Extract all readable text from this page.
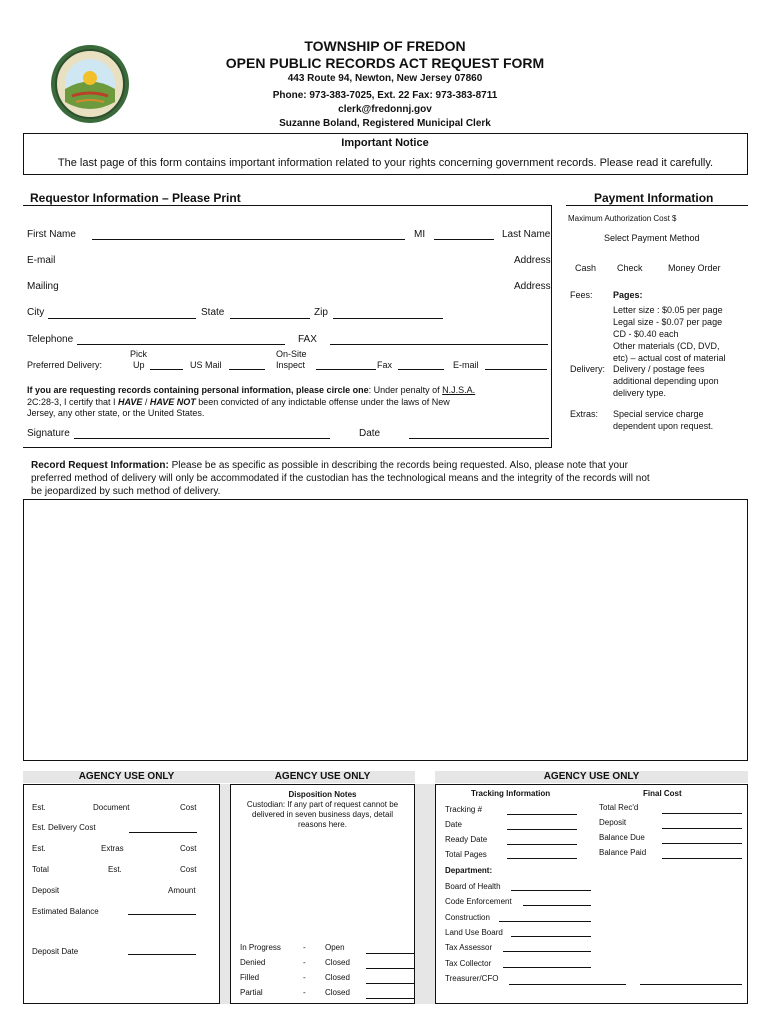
TOWNSHIP OF FREDON
OPEN PUBLIC RECORDS ACT REQUEST FORM
443 Route 94, Newton, New Jersey 07860
Phone: 973-383-7025, Ext. 22 Fax: 973-383-8711
clerk@fredonnj.gov
Suzanne Boland, Registered Municipal Clerk
Important Notice
The last page of this form contains important information related to your rights concerning government records. Please read it carefully.
Requestor Information – Please Print
First Name	MI	Last Name
E-mail	Address
Mailing	Address
City	State	Zip
Telephone	FAX
Pick	On-Site
Preferred Delivery:	Up	US Mail	Inspect	Fax	E-mail
If you are requesting records containing personal information, please circle one: Under penalty of N.J.S.A.
2C:28-3, I certify that I HAVE / HAVE NOT been convicted of any indictable offense under the laws of New
Jersey, any other state, or the United States.
Signature	Date
Payment Information
Maximum Authorization Cost $
Select Payment Method
Cash Check	Money Order
Fees: Pages:
Letter size : $0.05 per page
Legal size - $0.07 per page
CD - $0.40 each
Other materials (CD, DVD,
etc) – actual cost of material
Delivery: Delivery / postage fees
additional depending upon
delivery type.
Extras: Special service charge
dependent upon request.
Record Request Information: Please be as specific as possible in describing the records being requested. Also, please note that your
preferred method of delivery will only be accommodated if the custodian has the technological means and the integrity of the records will not
be jeopardized by such method of delivery.
AGENCY USE ONLY	AGENCY USE ONLY	AGENCY USE ONLY
Est.	Document	Cost
Est. Delivery Cost
Est.	Extras	Cost
Total	Est.	Cost
Deposit	Amount
Estimated Balance
Deposit Date
Disposition Notes
Custodian: If any part of request cannot be
delivered in seven business days, detail
reasons here.
In Progress	- Open
Denied	- Closed
Filled	- Closed
Partial	- Closed
Tracking Information	Final Cost
Tracking #
Date
Ready Date
Total Pages
Total Rec'd
Deposit
Balance Due
Balance Paid
Department:
Board of Health
Code Enforcement
Construction
Land Use Board
Tax Assessor
Tax Collector
Treasurer/CFO
